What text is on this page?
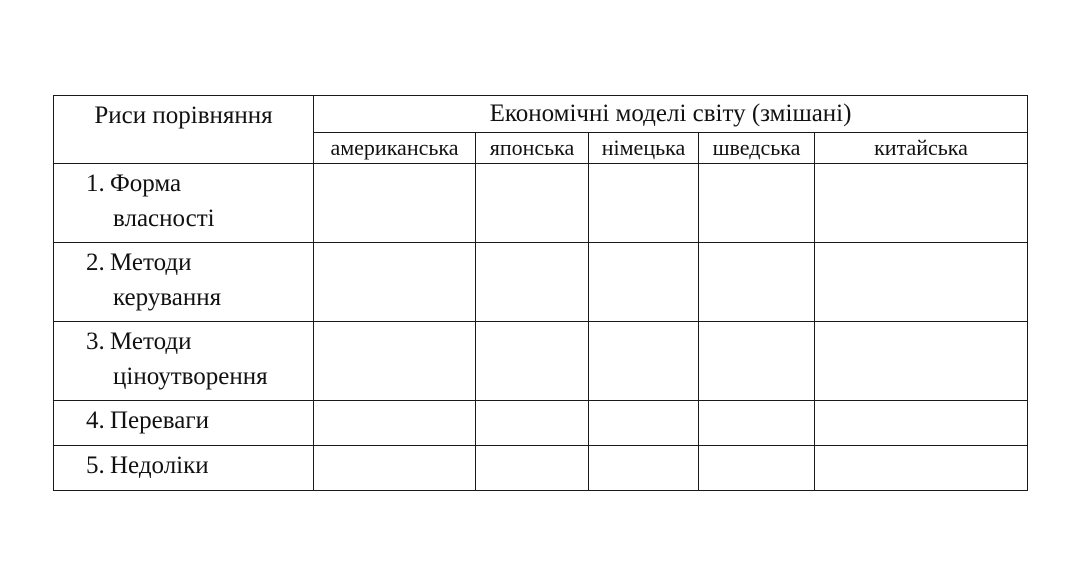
Риси порівняння	Економічні моделі світу (змішані)				
	американська	японська	німецька	шведська	китайська
1. Форма
власності					

2. Методи
керування					

3. Методи
ціноутворення					

4. Переваги					
5. Недоліки					
